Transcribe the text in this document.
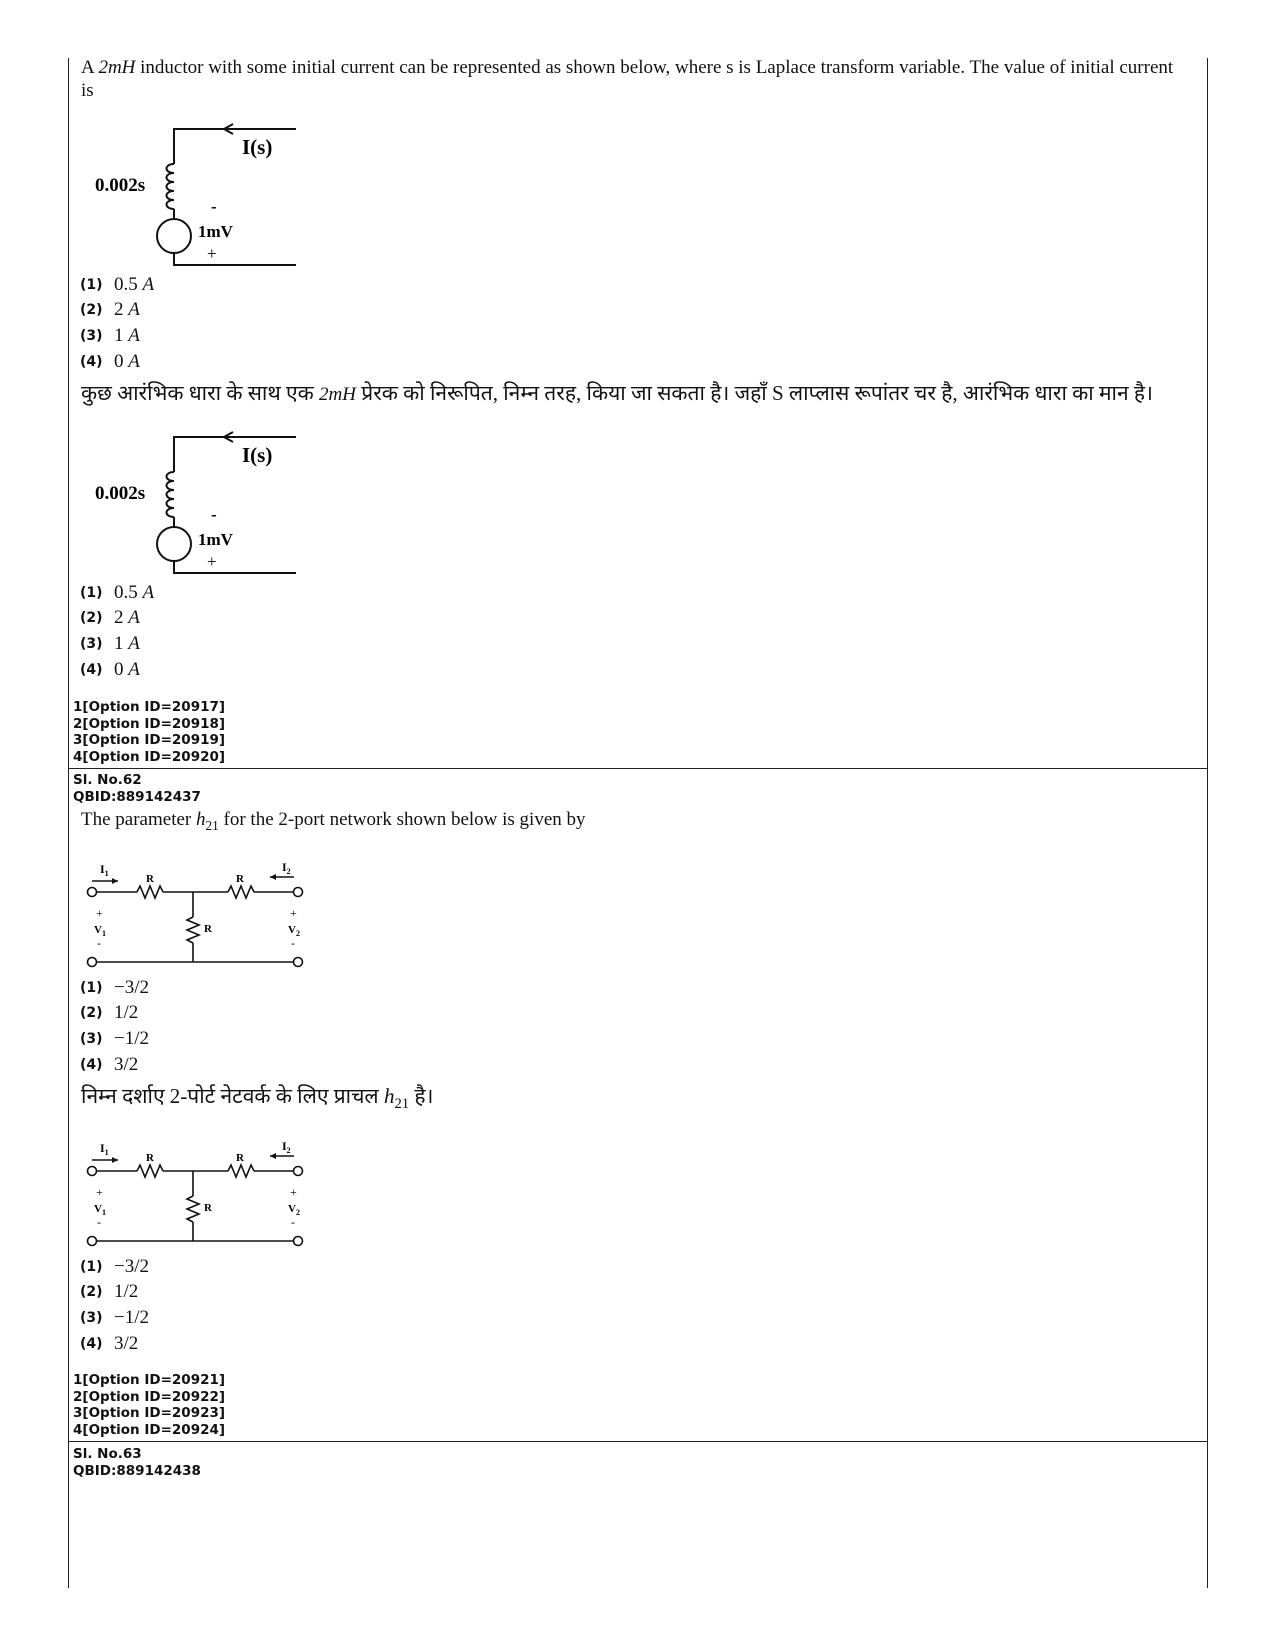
A 2mH inductor with some initial current can be represented as shown below, where s is Laplace transform variable. The value of initial current is
I(s)
0.002s
-
1mV
+
(1) 0.5 A
(2) 2 A
(3) 1 A
(4) 0 A
कुछ आरंभिक धारा के साथ एक 2mH प्रेरक को निरूपित, निम्न तरह, किया जा सकता है। जहाँ S लाप्लास रूपांतर चर है, आरंभिक धारा का मान है।
I(s)
0.002s
-
1mV
+
(1) 0.5 A
(2) 2 A
(3) 1 A
(4) 0 A
1[Option ID=20917]
2[Option ID=20918]
3[Option ID=20919]
4[Option ID=20920]
Sl. No.62
QBID:889142437
The parameter $h_{21}$ for the 2-port network shown below is given by
$I_1$	$I_2$
R	R
R
+
$V_1$
-
+
$V_2$
-
(1) −3/2
(2) 1/2
(3) −1/2
(4) 3/2
निम्न दर्शाए 2-पोर्ट नेटवर्क के लिए प्राचल $h_{21}$ है।
$I_1$	$I_2$
R	R
R
+
$V_1$
-
+
$V_2$
-
(1) −3/2
(2) 1/2
(3) −1/2
(4) 3/2
1[Option ID=20921]
2[Option ID=20922]
3[Option ID=20923]
4[Option ID=20924]
Sl. No.63
QBID:889142438
